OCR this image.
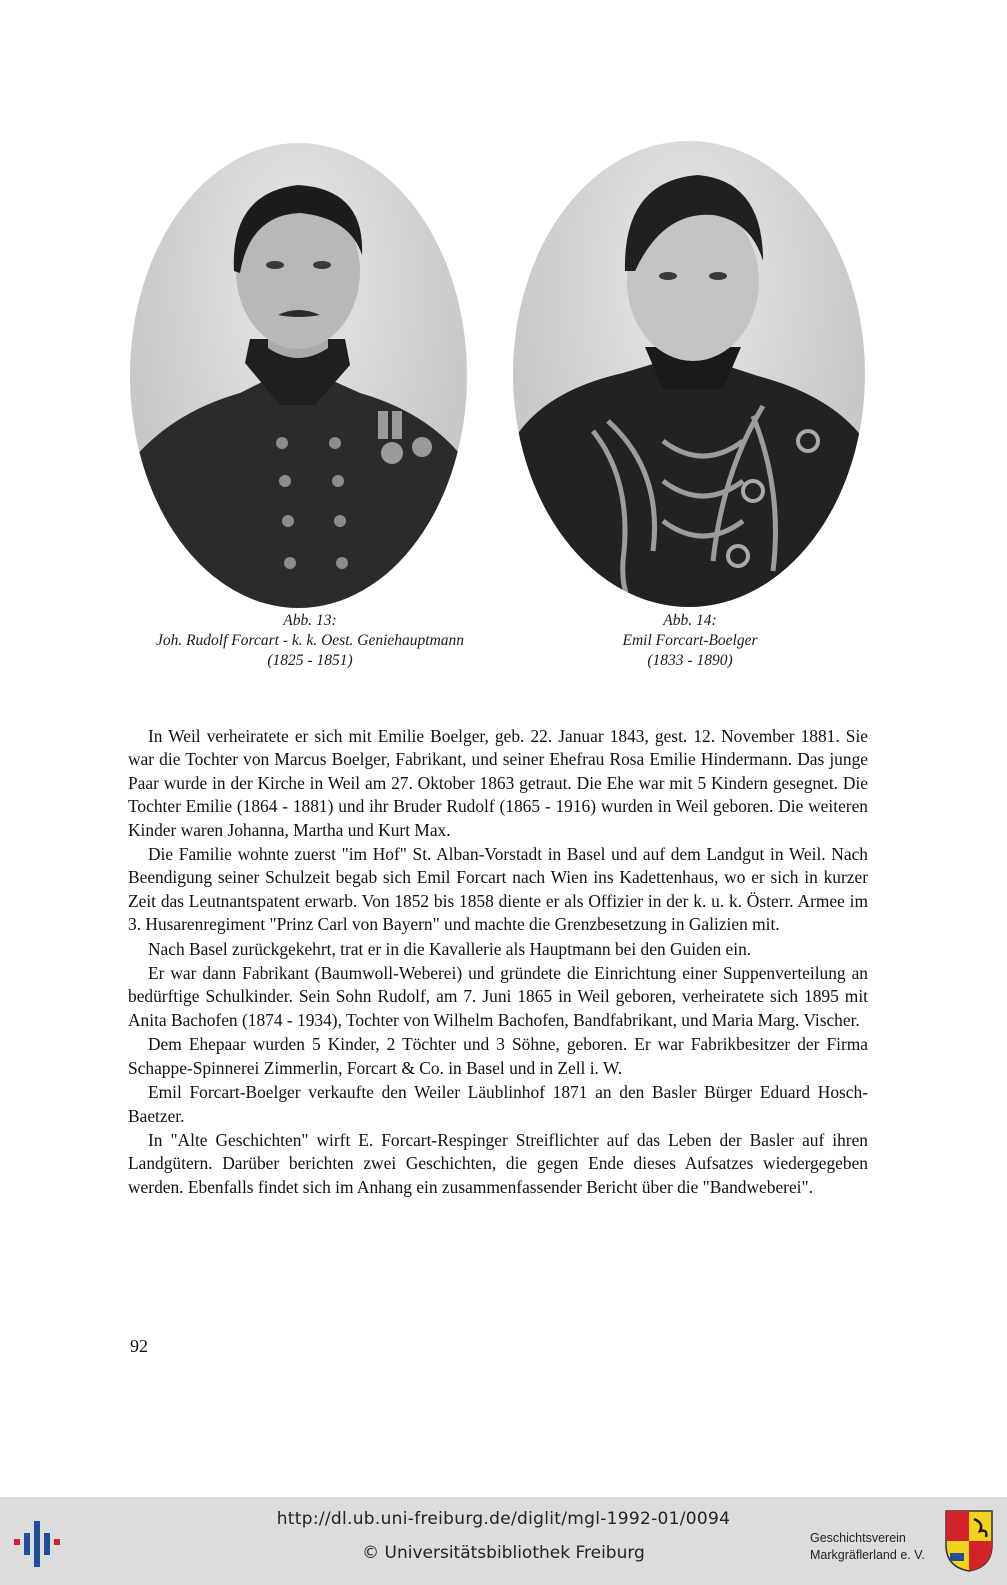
Abb. 13:
Joh. Rudolf Forcart - k. k. Oest. Geniehauptmann
(1825 - 1851)
Abb. 14:
Emil Forcart-Boelger
(1833 - 1890)

In Weil verheiratete er sich mit Emilie Boelger, geb. 22. Januar 1843, gest. 12. November 1881. Sie war die Tochter von Marcus Boelger, Fabrikant, und seiner Ehefrau Rosa Emilie Hindermann. Das junge Paar wurde in der Kirche in Weil am 27. Oktober 1863 getraut. Die Ehe war mit 5 Kindern gesegnet. Die Tochter Emilie (1864 - 1881) und ihr Bruder Rudolf (1865 - 1916) wurden in Weil geboren. Die weiteren Kinder waren Johanna, Martha und Kurt Max.

Die Familie wohnte zuerst "im Hof" St. Alban-Vorstadt in Basel und auf dem Landgut in Weil. Nach Beendigung seiner Schulzeit begab sich Emil Forcart nach Wien ins Kadettenhaus, wo er sich in kurzer Zeit das Leutnantspatent erwarb. Von 1852 bis 1858 diente er als Offizier in der k. u. k. Österr. Armee im 3. Husarenregiment "Prinz Carl von Bayern" und machte die Grenzbesetzung in Galizien mit.

Nach Basel zurückgekehrt, trat er in die Kavallerie als Hauptmann bei den Guiden ein.

Er war dann Fabrikant (Baumwoll-Weberei) und gründete die Einrichtung einer Suppenverteilung an bedürftige Schulkinder. Sein Sohn Rudolf, am 7. Juni 1865 in Weil geboren, verheiratete sich 1895 mit Anita Bachofen (1874 - 1934), Tochter von Wilhelm Bachofen, Bandfabrikant, und Maria Marg. Vischer.

Dem Ehepaar wurden 5 Kinder, 2 Töchter und 3 Söhne, geboren. Er war Fabrikbesitzer der Firma Schappe-Spinnerei Zimmerlin, Forcart & Co. in Basel und in Zell i. W.

Emil Forcart-Boelger verkaufte den Weiler Läublinhof 1871 an den Basler Bürger Eduard Hosch-Baetzer.

In "Alte Geschichten" wirft E. Forcart-Respinger Streiflichter auf das Leben der Basler auf ihren Landgütern. Darüber berichten zwei Geschichten, die gegen Ende dieses Aufsatzes wiedergegeben werden. Ebenfalls findet sich im Anhang ein zusammenfassender Bericht über die "Bandweberei".

92
http://dl.ub.uni-freiburg.de/diglit/mgl-1992-01/0094
© Universitätsbibliothek Freiburg
Geschichtsverein
Markgräflerland e. V.
